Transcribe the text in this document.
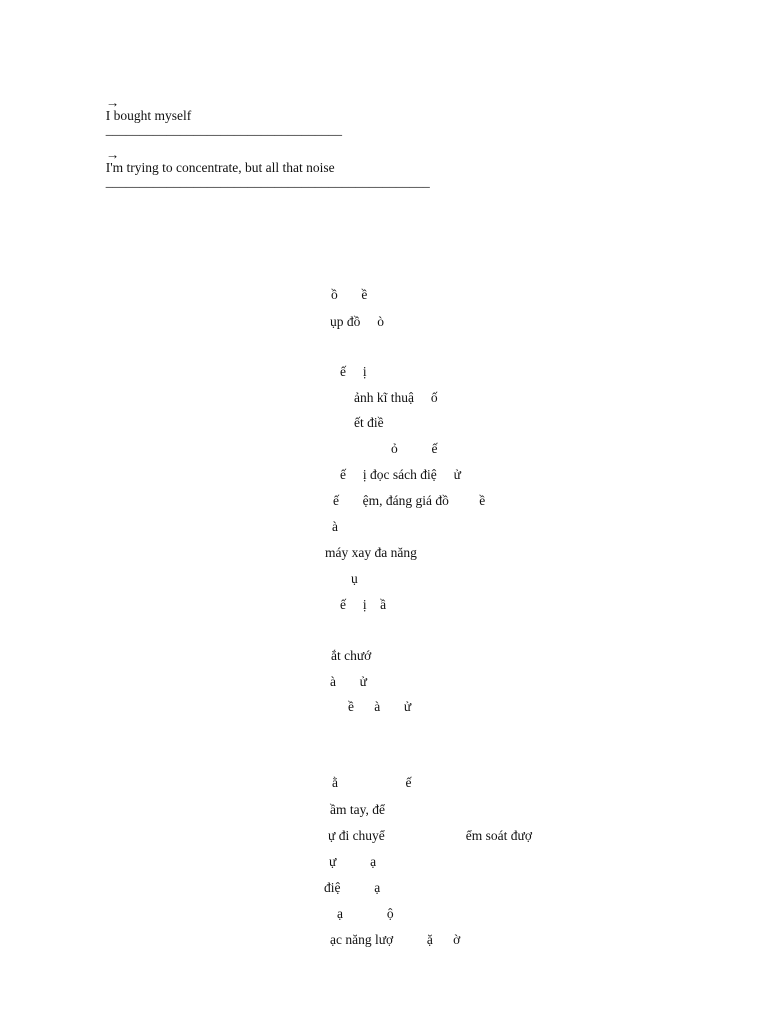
→
I bought myself
___________________________________

→
I'm trying to concentrate, but all that noise
________________________________________________

ồ       ề
ụp đồ     ò
ế     ị
ảnh kĩ thuậ     ố
ết điề
ỏ          ế
ế     ị đọc sách điệ     ử
ế       ệm, đáng giá đồ         ề
à
máy xay đa năng
ụ
ế     ị    ầ
ắt chướ
à       ử
ề      à       ử
ằ                    ế
ầm tay, để
ự đi chuyể                        ểm soát đượ
ự          ạ
điệ          ạ
ạ             ộ
ạc năng lượ          ặ      ờ
